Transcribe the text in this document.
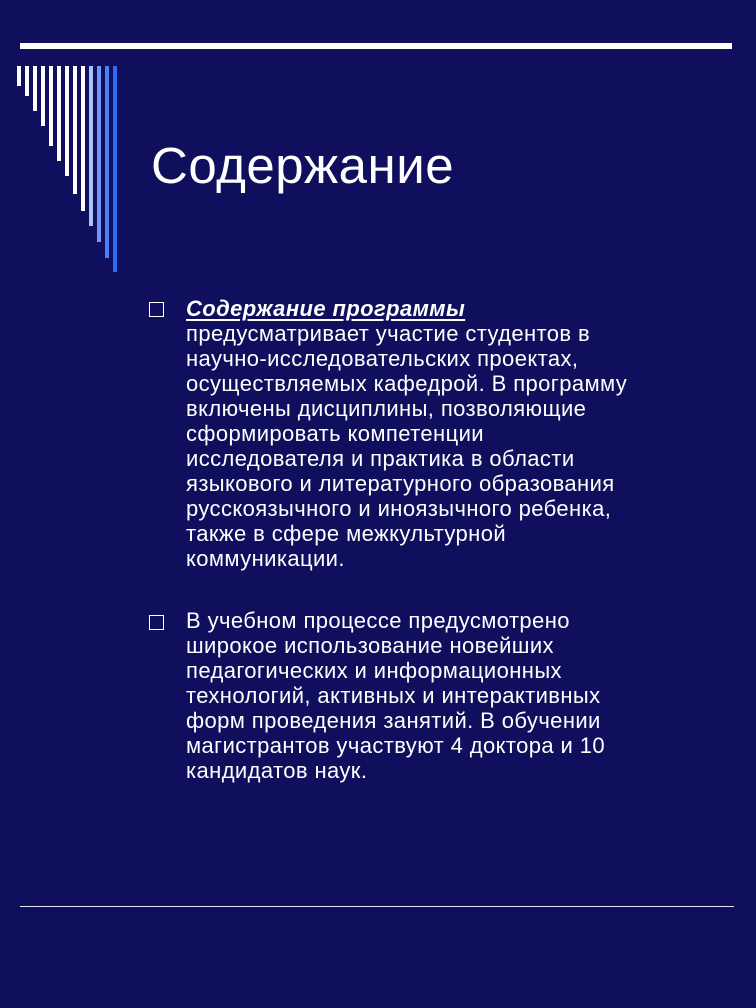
Содержание

Содержание программы
предусматривает участие студентов в
научно-исследовательских проектах,
осуществляемых кафедрой. В программу
включены дисциплины, позволяющие
сформировать компетенции
исследователя и практика в области
языкового и литературного образования
русскоязычного и иноязычного ребенка,
также в сфере межкультурной
коммуникации.

В учебном процессе предусмотрено
широкое использование новейших
педагогических и информационных
технологий, активных и интерактивных
форм проведения занятий. В обучении
магистрантов участвуют 4 доктора и 10
кандидатов наук.
